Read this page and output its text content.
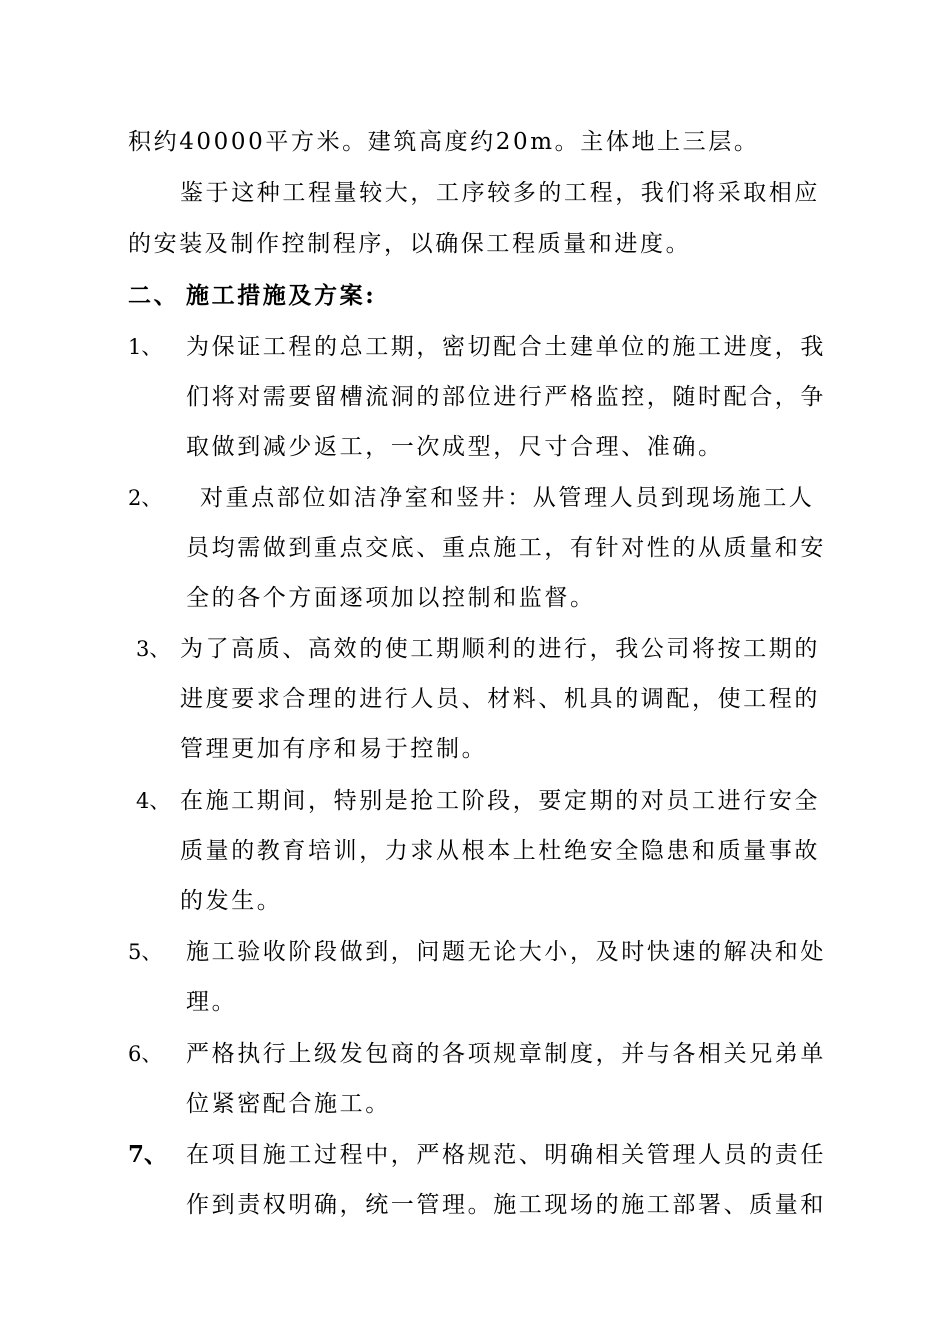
积约40000平方米。建筑高度约20m。主体地上三层。
鉴于这种工程量较大，工序较多的工程，我们将采取相应
的安装及制作控制程序，以确保工程质量和进度。
二、 施工措施及方案:
1、 为保证工程的总工期，密切配合土建单位的施工进度，我
们将对需要留槽流洞的部位进行严格监控，随时配合，争
取做到减少返工，一次成型，尺寸合理、准确。
2、 对重点部位如洁净室和竖井：从管理人员到现场施工人
员均需做到重点交底、重点施工，有针对性的从质量和安
全的各个方面逐项加以控制和监督。
3、 为了高质、高效的使工期顺利的进行，我公司将按工期的
进度要求合理的进行人员、材料、机具的调配，使工程的
管理更加有序和易于控制。
4、 在施工期间，特别是抢工阶段，要定期的对员工进行安全
质量的教育培训，力求从根本上杜绝安全隐患和质量事故
的发生。
5、 施工验收阶段做到，问题无论大小，及时快速的解决和处
理。
6、 严格执行上级发包商的各项规章制度，并与各相关兄弟单
位紧密配合施工。
7、 在项目施工过程中，严格规范、明确相关管理人员的责任
作到责权明确，统一管理。施工现场的施工部署、质量和
